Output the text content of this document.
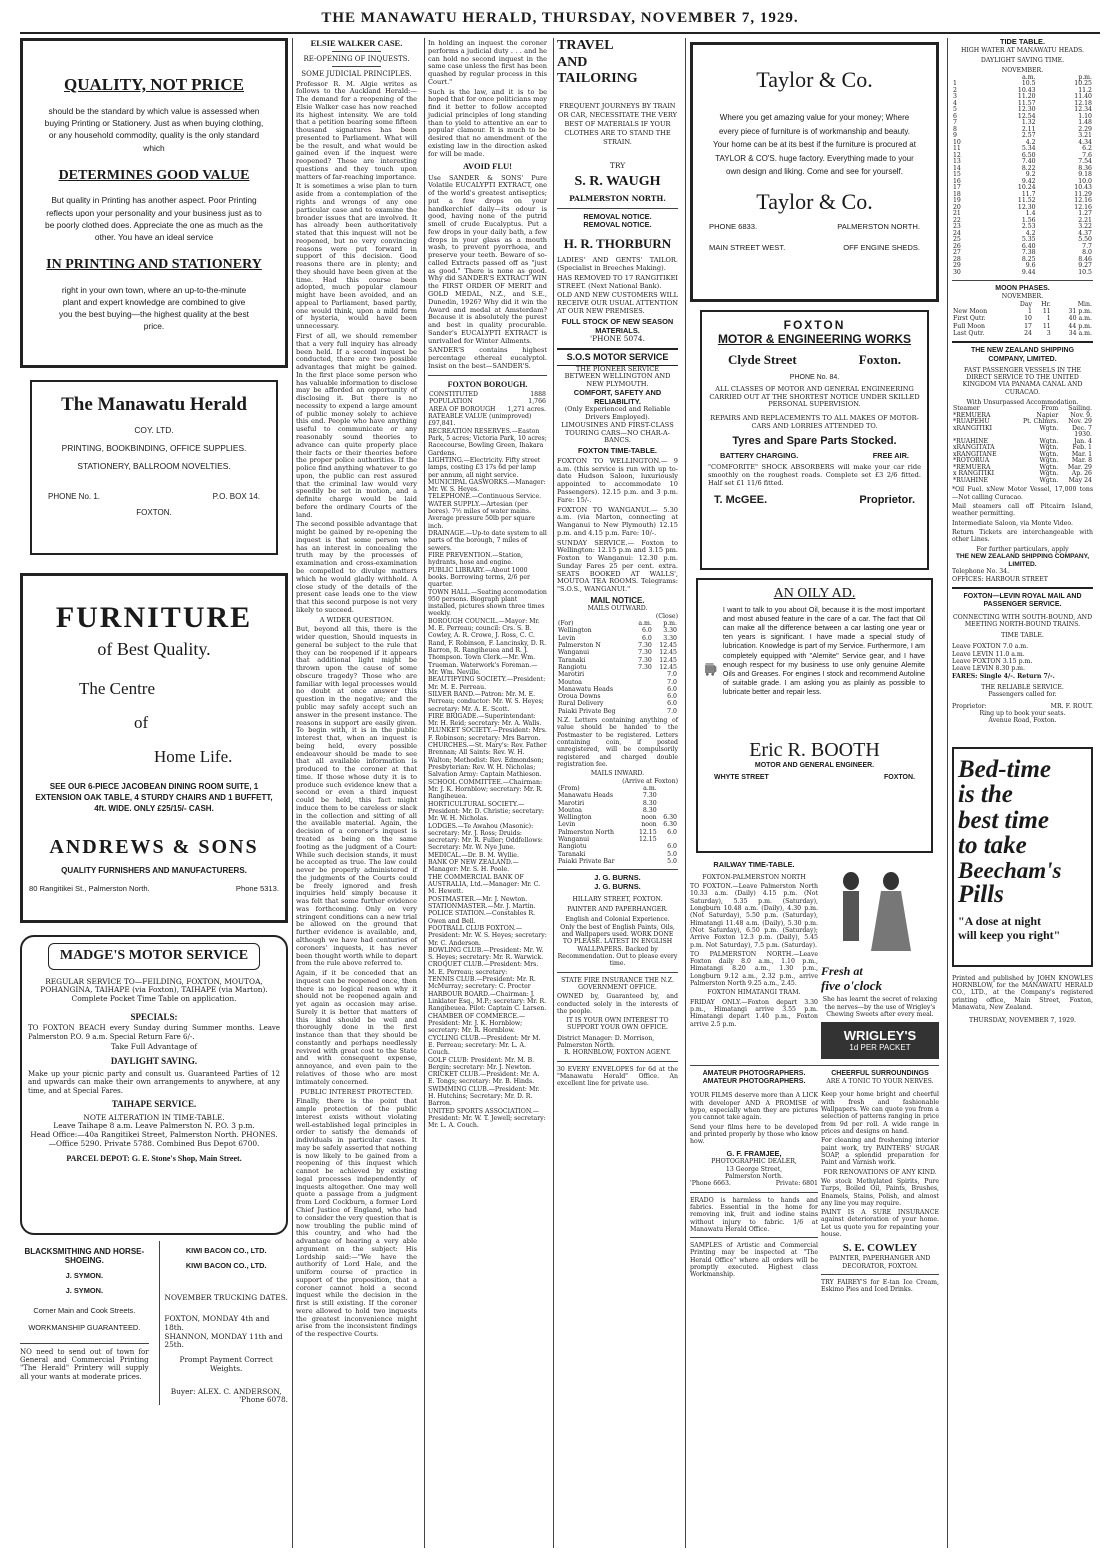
THE MANAWATU HERALD, THURSDAY, NOVEMBER 7, 1929.
QUALITY, NOT PRICE
should be the standard by which value is assessed when buying Printing or Stationery. Just as when buying clothing, or any household commodity, quality is the only standard which
DETERMINES GOOD VALUE
But quality in Printing has another aspect. Poor Printing reflects upon your personality and your business just as to be poorly clothed does. Appreciate the one as much as the other. You have an ideal service
IN PRINTING AND STATIONERY
right in your own town, where an up-to-the-minute plant and expert knowledge are combined to give you the best buying—the highest quality at the best price.
The Manawatu Herald
COY. LTD.
PRINTING, BOOKBINDING, OFFICE SUPPLIES.
STATIONERY, BALLROOM NOVELTIES.
PHONE No. 1.	P.O. BOX 14.
FOXTON.
FURNITURE
of Best Quality.
The Centre
of
Home Life.
SEE OUR 6-PIECE JACOBEAN DINING ROOM SUITE, 1 EXTENSION OAK TABLE, 4 STURDY CHAIRS AND 1 BUFFETT, 4ft. WIDE. ONLY £25/15/- CASH.
ANDREWS & SONS
QUALITY FURNISHERS AND MANUFACTURERS.
80 Rangitikei St., Palmerston North.	Phone 5313.
MADGE'S MOTOR SERVICE
REGULAR SERVICE TO—FEILDING, FOXTON, MOUTOA, POHANGINA, TAIHAPE (via Foxton), TAIHAPE (via Marton).
Complete Pocket Time Table on application.
SPECIALS:
TO FOXTON BEACH every Sunday during Summer months. Leave Palmerston P.O. 9 a.m. Special Return Fare 6/-.
Take Full Advantage of
DAYLIGHT SAVING.
Make up your picnic party and consult us. Guaranteed Parties of 12 and upwards can make their own arrangements to anywhere, at any time, and at Special Fares.
TAIHAPE SERVICE.
NOTE ALTERATION IN TIME-TABLE.
Leave Taihape 8 a.m. Leave Palmerston N. P.O. 3 p.m.
Head Office:—40a Rangitikei Street, Palmerston North. PHONES.—Office 5290. Private 5788. Combined Bus Depot 6700.
PARCEL DEPOT: G. E. Stone's Shop, Main Street.
BLACKSMITHING AND HORSE-SHOEING.
J. SYMON.
J. SYMON.
Corner Main and Cook Streets.
WORKMANSHIP GUARANTEED.
NO need to send out of town for General and Commercial Printing "The Herald" Printery will supply all your wants at moderate prices.
KIWI BACON CO., LTD.
KIWI BACON CO., LTD.
NOVEMBER TRUCKING DATES.
FOXTON, MONDAY 4th and 18th.
SHANNON, MONDAY 11th and 25th.
Prompt Payment Correct Weights.
Buyer: ALEX. C. ANDERSON,
'Phone 6078.
ELSIE WALKER CASE.
RE-OPENING OF INQUESTS.
SOME JUDICIAL PRINCIPLES.
Professor R. M. Algie writes as follows to the Auckland Herald:— The demand for a reopening of the Elsie Walker case has now reached its highest intensity. We are told that a petition bearing some fifteen thousand signatures has been presented to Parliament. What will be the result, and what would be gained even if the inquest were reopened? These are interesting questions and they touch upon matters of far-reaching importance.
It is sometimes a wise plan to turn aside from a contemplation of the rights and wrongs of any one particular case and to examine the broader issues that are involved. It has already been authoritatively stated that this inquest will not be reopened, but no very convincing reasons were put forward in support of this decision. Good reasons there are in plenty; and they should have been given at the time. Had this course been adopted, much popular clamour might have been avoided, and an appeal to Parliament, based partly, one would think, upon a mild form of hysteria, would have been unnecessary.
First of all, we should remember that a very full inquiry has already been held. If a second inquest be conducted, there are two possible advantages that might be gained. In the first place some person who has valuable information to disclose may be afforded an opportunity of disclosing it. But there is no necessity to expend a large amount of public money solely to achieve this end. People who have anything useful to communicate or any reasonably sound theories to advance can quite properly place their facts or their theories before the proper police authorities. If the police find anything whatever to go upon, the public can rest assured that the criminal law would very speedily be set in motion, and a definite charge would be laid before the ordinary Courts of the land.
The second possible advantage that might be gained by re-opening the inquest is that some person who has an interest in concealing the truth may by the processes of examination and cross-examination be compelled to divulge matters which he would gladly withhold. A close study of the details of the present case leads one to the view that this second purpose is not very likely to succeed.
A WIDER QUESTION.
But, beyond all this, there is the wider question, Should inquests in general be subject to the rule that they can be reopened if it appears that additional light might be thrown upon the cause of some obscure tragedy? Those who are familiar with legal processes would no doubt at once answer this question in the negative; and the public may safely accept such an answer in the present instance. The reasons in support are easily given. To begin with, it is in the public interest that, when an inquest is being held, every possible endeavour should be made to see that all available information is produced to the coroner at that time. If those whose duty it is to produce such evidence knew that a second or even a third inquest could be held, this fact might induce them to be careless or slack in the collection and sitting of all the available material. Again, the decision of a coroner's inquest is treated as being on the same footing as the judgment of a Court: While such decision stands, it must be accepted as true. The law could never be properly administered if the judgments of the Courts could be freely ignored and fresh inquiries held simply because it was felt that some further evidence was forthcoming. Only on very stringent conditions can a new trial be allowed on the ground that further evidence is available, and, although we have had centuries of coroners' inquests, it has never been thought worth while to depart from the rule above referred to.
Again, if it be conceded that an inquest can be reopened once, then there is no logical reason why it should not be reopened again and yet again as occasion may arise. Surely it is better that matters of this kind should be well and thoroughly done in the first instance than that they should be constantly and perhaps needlessly revived with great cost to the State and with consequent expense, annoyance, and even pain to the relatives of those who are most intimately concerned.
PUBLIC INTEREST PROTECTED.
Finally, there is the point that ample protection of the public interest exists without violating well-established legal principles in order to satisfy the demands of individuals in particular cases. It may be safely asserted that nothing is now likely to be gained from a reopening of this inquest which cannot be achieved by existing legal processes independently of inquests altogether. One may well quote a passage from a judgment from Lord Cockburn, a former Lord Chief Justice of England, who had to consider the very question that is now troubling the public mind of this country, and who had the advantage of hearing a very able argument on the subject: His Lordship said:—"We have the authority of Lord Hale, and the uniform course of practice in support of the proposition, that a coroner cannot hold a second inquest while the decision in the first is still existing. If the coroner were allowed to hold two inquests the greatest inconvenience might arise from the inconsistent findings of the respective Courts.
In holding an inquest the coroner performs a judicial duty . . . and he can hold no second inquest in the same case unless the first has been quashed by regular process in this Court."
Such is the law, and it is to be hoped that for once politicians may find it better to follow accepted judicial principles of long standing than to yield to attentive an ear to popular clamour. It is much to be desired that no amendment of the existing law in the direction asked for will be made.
AVOID FLU!
Use SANDER & SONS' Pure Volatile EUCALYPTI EXTRACT, one of the world's greatest antiseptics; put a few drops on your handkerchief daily—its odour is good, having none of the putrid smell of crude Eucalyptus. Put a few drops in your daily bath, a few drops in your glass as a mouth wash, to prevent pyorrhoea, and preserve your teeth. Beware of so-called Extracts passed off as "just as good." There is none as good. Why did SANDER'S EXTRACT WIN the FIRST ORDER OF MERIT and GOLD MEDAL, N.Z., and S.E., Dunedin, 1926? Why did it win the Award and medal at Amsterdam? Because it is absolutely the purest and best in quality procurable. Sander's EUCALYPTI EXTRACT is unrivalled for Winter Ailments.
SANDER'S contains highest percentage ethereal eucalyptol. Insist on the best—SANDER'S.
FOXTON BOROUGH.
CONSTITUTED	1888
POPULATION	1,766
AREA OF BOROUGH	1,271 acres.
RATEABLE VALUE (unimproved) £97,841.
RECREATION RESERVES.—Easton Park, 5 acres; Victoria Park, 10 acres; Racecourse, Bowling Green, Ihakara Gardens.
LIGHTING.—Electricity. Fifty street lamps, costing £3 17s 6d per lamp per annum, all night service.
MUNICIPAL GASWORKS.—Manager: Mr. W. S. Heyes.
TELEPHONE.—Continuous Service.
WATER SUPPLY.—Artesian (per bores). 7½ miles of water mains. Average pressure 50lb per square inch.
DRAINAGE.—Up-to date system to all parts of the borough, 7 miles of sewers.
FIRE PREVENTION.—Station, hydrants, hose and engine.
PUBLIC LIBRARY.—About 1000 books. Borrowing terms, 2/6 per quarter.
TOWN HALL.—Seating accomodation 950 persons. Biograph plant installed, pictures shown three times weekly.
BOROUGH COUNCIL.—Mayor: Mr. M. E. Perreau; council: Crs. S. B. Cowley, A. R. Crowe, J. Ross, C. C. Rand, F. Robinson, F. Lancinsky, D. R. Barron, R. Rangiheuea and R. J. Thompson. Town Clerk.—Mr. Wm. Trueman. Waterwork's Foreman.—Mr. Wm. Neville.
BEAUTIFYING SOCIETY.—President: Mr. M. E. Perreau.
SILVER BAND.—Patron: Mr. M. E. Perreau; conductor: Mr. W. S. Heyes; secretary: Mr. A. E. Scott.
FIRE BRIGADE.—Superintendant: Mr. H. Reid; secretary: Mr. A. Walls.
PLUNKET SOCIETY.—President: Mrs. F. Robinson; secretary: Mrs Barron.
CHURCHES.—St. Mary's: Rev. Father Brennan; All Saints: Rev. W. H. Walton; Methodist: Rev. Edmondson; Presbyterian: Rev. W. H. Nicholas; Salvation Army: Captain Mathieson.
SCHOOL COMMITTEE.—Chairman: Mr. J. K. Hornblow; secretary: Mr. R. Rangiheuea.
HORTICULTURAL SOCIETY.—President: Mr. D. Christie; secretary: Mr. W. H. Nicholas.
LODGES.—Te Awahou (Masonic): secretary: Mr. J. Ross; Druids: secretary: Mr. R. Fuller; Oddfellows: Secretary: Mr. W. Nye June.
MEDICAL.—Dr. B. M. Wyllie.
BANK OF NEW ZEALAND.—Manager: Mr. S. H. Poole.
THE COMMERCIAL BANK OF AUSTRALIA, Ltd.—Manager: Mr. C. M. Hewett.
POSTMASTER.—Mr. J. Newton.
STATIONMASTER.—Mr. J. Martin.
POLICE STATION.—Constables R. Owen and Bell.
FOOTBALL CLUB FOXTON.—President: Mr. W. S. Heyes; secretary: Mr. C. Anderson.
BOWLING CLUB.—President: Mr. W. S. Heyes; secretary: Mr. R. Warwick.
CROQUET CLUB.—President: Mrs. M. E. Perreau; secretary:
TENNIS CLUB.—President: Mr. R. McMurray; secretary: C. Procter
HARBOUR BOARD.—Chairman: J. Linklater Esq., M.P.; secretary: Mr. R. Rangiheuea. Pilot: Captain C. Larsen.
CHAMBER OF COMMERCE.—President: Mr. J. K. Hornblow; secretary: Mr. R. Hornblow.
CYCLING CLUB.—President: Mr M. E. Perreau; secretary: Mr. L. A. Couch.
GOLF CLUB: President: Mr. M. B. Bergin; secretary: Mr. J. Newton.
CRICKET CLUB.—President: Mr. A. E. Tongs; secretary: Mr. B. Hinds.
SWIMMING CLUB.—President: Mr. H. Hutchins; Secretary: Mr. D. R. Barron.
UNITED SPORTS ASSOCIATION.—President: Mr. W. T. Jewell; secretary: Mr. L. A. Couch.
TRAVEL
AND
TAILORING
FREQUENT JOURNEYS BY TRAIN OR CAR, NECESSITATE THE VERY BEST OF MATERIALS IF YOUR CLOTHES ARE TO STAND THE STRAIN.
TRY
S. R. WAUGH
PALMERSTON NORTH.
REMOVAL NOTICE.
REMOVAL NOTICE.
H. R. THORBURN
LADIES' AND GENTS' TAILOR. (Specialist in Breeches Making).
HAS REMOVED TO 17 RANGITIKEI STREET. (Next National Bank).
OLD AND NEW CUSTOMERS WILL RECEIVE OUR USUAL ATTENTION AT OUR NEW PREMISES.
FULL STOCK OF NEW SEASON MATERIALS.
'PHONE 5074.
S.O.S MOTOR SERVICE
THE PIONEER SERVICE BETWEEN WELLINGTON AND NEW PLYMOUTH.
COMFORT, SAFETY AND RELIABILITY.
(Only Experienced and Reliable Drivers Employed).
LIMOUSINES AND FIRST-CLASS TOURING CARS—NO CHAR-A-BANCS.
FOXTON TIME-TABLE.
FOXTON TO WELLINGTON.— 9 a.m. (this service is run with up to-date Hudson Saloon, luxuriously appointed to accommodate 10 Passengers). 12.15 p.m. and 3 p.m. Fare: 15/-.
FOXTON TO WANGANUI.— 5.30 a.m. (via Marton, connecting at Wanganui to New Plymouth) 12.15 p.m. and 4.15 p.m. Fare: 10/-.
SUNDAY SERVICE.— Foxton to Wellington: 12.15 p.m and 3.15 pm. Foxton to Wanganui: 12.30 p.m. Sunday Fares 25 per cent. extra. SEATS BOOKED AT WALLS', MOUTOA TEA ROOMS. Telegrams: "S.O.S., WANGANUI."
MAIL NOTICE.
MAILS OUTWARD.
(Close)
(For)	a.m.	p.m.
Wellington	6.0	3.30
Levin	6.0	3.30
Palmerston N	7.30	12.45
Wanganui	7.30	12.45
Taranaki	7.30	12.45
Rangiotu	7.30	12.45
Marotiri		7.0
Moutoa		7.0
Manawatu Heads		6.0
Oroua Downs		6.0
Rural Delivery		6.0
Paiaki Private Beg		7.0
N.Z. Letters containing anything of value should be handed to the Postmaster to be registered. Letters containing coin, if posted unregistered, will be compulsorily registered and charged double registration fee.
MAILS INWARD.
(Arrive at Foxton)
(From)	a.m.	
Manawatu Heads	7.30	
Marotiri	8.30	
Moutoa	8.30	
Wellington	noon	6.30
Levin	noon	6.30
Palmerston North	12.15	6.0
Wanganui	12.15	
Rangiotu		6.0
Taranaki		5.0
Paiaki Private Bar		5.0
J. G. BURNS.
J. G. BURNS.
HILLARY STREET, FOXTON.
PAINTER AND PAPERHANGER.
English and Colonial Experience.
Only the best of English Paints, Oils, and Wallpapers used. WORK DONE TO PLEASE. LATEST IN ENGLISH WALLPAPERS. Backed by Recommendation. Out to please every time.
STATE FIRE INSURANCE THE N.Z. GOVERNMENT OFFICE.
OWNED by, Guaranteed by, and conducted solely in the interests of the people.
IT IS YOUR OWN INTEREST TO SUPPORT YOUR OWN OFFICE.
District Manager: D. Morrison, Palmerston North.
R. HORNBLOW, FOXTON AGENT.
30 EVERY ENVELOPES for 6d at the "Manawatu Herald" Office. An excellent line for private use.
Taylor & Co.
Where you get amazing value for your money; Where every piece of furniture is of workmanship and beauty. Your home can be at its best if the furniture is procured at TAYLOR & CO'S. huge factory. Everything made to your own design and liking. Come and see for yourself.
Taylor & Co.
PHONE 6833.	PALMERSTON NORTH.
MAIN STREET WEST.	OFF ENGINE SHEDS.
FOXTON
MOTOR & ENGINEERING WORKS
Clyde Street	Foxton.
PHONE No. 84.
ALL CLASSES OF MOTOR AND GENERAL ENGINEERING CARRIED OUT AT THE SHORTEST NOTICE UNDER SKILLED PERSONAL SUPERVISION.
REPAIRS AND REPLACEMENTS TO ALL MAKES OF MOTOR-CARS AND LORRIES ATTENDED TO.
Tyres and Spare Parts Stocked.
BATTERY CHARGING.	FREE AIR.
"COMFORITE" SHOCK ABSORBERS will make your car ride smoothly on the roughest roads. Complete set £3 2/6 fitted. Half set £1 11/6 fitted.
T. McGEE.	Proprietor.
AN OILY AD.
I want to talk to you about Oil, because it is the most important and most abused feature in the care of a car. The fact that Oil can make all the difference between a car lasting one year or ten years is significant. I have made a special study of lubrication. Knowledge is part of my Service. Furthermore, I am completely equipped with "Alemite" Service gear, and I have enough respect for my business to use only genuine Alemite Oils and Greases. For engines I stock and recommend Autoline of suitable grade. I am asking you as plainly as possible to lubricate better and repair less.
Eric R. BOOTH
MOTOR AND GENERAL ENGINEER.
WHYTE STREET	FOXTON.
RAILWAY TIME-TABLE.
FOXTON-PALMERSTON NORTH
TO FOXTON.—Leave Palmerston North 10.33 a.m. (Daily) 4.15 p.m. (Not Saturday), 5.35 p.m. (Saturday), Longburn 10.48 a.m. (Daily), 4.30 p.m. (Not Saturday), 5.50 p.m. (Saturday), Himatangi 11.48 a.m. (Daily), 5.30 p.m. (Not Saturday), 6.50 p.m. (Saturday); Arrive Foxton 12.3 p.m. (Daily), 5.45 p.m. Not Saturday), 7.5 p.m. (Saturday).
TO PALMERSTON NORTH.—Leave Foxton daily 8.0 a.m., 1.10 p.m., Himatangi 8.20 a.m., 1.30 p.m., Longburn 9.12 a.m., 2.32 p.m., arrive Palmerston North 9.25 a.m., 2.45.
FOXTON HIMATANGI TRAM.
FRIDAY ONLY.—Foxton depart 3.30 p.m., Himatangi arrive 3.55 p.m. Himatangi depart 1.40 p.m., Foxton arrive 2.5 p.m.
Fresh at
five o'clock
She has learnt the secret of relaxing the nerves—by the use of Wrigley's Chewing Sweets after every meal.
WRIGLEY'S
1d PER PACKET
AMATEUR PHOTOGRAPHERS.
AMATEUR PHOTOGRAPHERS.
YOUR FILMS deserve more than A LICK with developer AND A PROMISE of hypo, especially when they are pictures you cannot take again.
Send your films here to be developed and printed properly by those who know how.
G. F. FRAMJEE,
PHOTOGRAPHIC DEALER,
13 George Street,
Palmerston North.
'Phone 6663.	Private: 6801
ERADO is harmless to hands and fabrics. Essential in the home for removing ink, fruit and iodine stains without injury to fabric. 1/6 at Manawatu Herald Office.
SAMPLES of Artistic and Commercial Printing may be inspected at "The Herald Office" where all orders will be promptly executed. Highest class Workmanship.
CHEERFUL SURROUNDINGS
ARE A TONIC TO YOUR NERVES.
Keep your home bright and cheerful with fresh and fashionable Wallpapers. We can quote you from a selection of patterns ranging in price from 9d per roll. A wide range in prices and designs on hand.
For cleaning and freshening interior paint work, try PAINTERS' SUGAR SOAP, a splendid preparation for Paint and Varnish work.
FOR RENOVATIONS OF ANY KIND.
We stock Methylated Spirits, Pure Turps, Boiled Oil, Paints, Brushes, Enamels, Stains, Polish, and almost any line you may require.
PAINT IS A SURE INSURANCE against deterioration of your home. Let us quote you for repainting your house.
S. E. COWLEY
PAINTER, PAPERHANGER AND DECORATOR, FOXTON.
TRY FAIREY'S for E-tan Ice Cream, Eskimo Pies and Iced Drinks.
TIDE TABLE.
HIGH WATER AT MANAWATU HEADS.
DAYLIGHT SAVING TIME.
NOVEMBER.
	a.m.	p.m.
1	10.5	10.25
2	10.43	11.2
3	11.20	11.40
4	11.57	12.18
5	12.30	12.34
6	12.54	1.10
7	1.32	1.48
8	2.11	2.29
9	2.57	3.21
10	4.2	4.34
11	5.34	6.2
12	6.50	7.6
13	7.40	7.54
14	8.22	8.36
15	9.2	9.18
16	9.42	10.0
17	10.24	10.43
18	11.7	11.29
19	11.52	12.16
20	12.30	12.16
21	1.4	1.27
22	1.56	2.21
23	2.53	3.22
24	4.2	4.37
25	5.35	5.50
26	6.40	7.7
27	7.38	8.0
28	8.25	8.46
29	9.6	9.27
30	9.44	10.5
MOON PHASES.
NOVEMBER.
	Day	Hr.	Min.
New Moon	1	11	31 p.m.
First Qutr.	10	1	40 a.m.
Full Moon	17	11	44 p.m.
Last Qutr.	24	3	34 a.m.
THE NEW ZEALAND SHIPPING COMPANY, LIMITED.
FAST PASSENGER VESSELS IN THE DIRECT SERVICE TO THE UNITED KINGDOM VIA PANAMA CANAL AND CURACAO.
With Unsurpassed Accommodation.
Steamer	From	Sailing.
*REMUERA	Napier	Nov. 9.
*RUAPEHU	Pt. Chlmrs.	Nov. 29
xRANGITIKI	Wgtn.	Dec. 7
		1930.
*RUAHINE	Wgtn.	Jan. 4
xRANGITATA	Wgtn.	Feb. 1
xRANGITANE	Wgtn.	Mar. 1
*ROTORUA	Wgtn.	Mar. 8
*REMUERA	Wgtn.	Mar. 29
x RANGITIKI	Wgtn.	Ap. 26
*RUAHINE	Wgtn.	May 24
*Oil Fuel. xNew Motor Vessel, 17,000 tons —Not calling Curacao.
Mail steamers call off Pitcairn Island, weather permitting.
Intermediate Saloon, via Monte Video.
Return Tickets are interchangeable with other Lines.
For further particulars, apply
THE NEW ZEALAND SHIPPING COMPANY, LIMITED.
Telephone No. 34.
OFFICES: HARBOUR STREET
FOXTON—LEVIN ROYAL MAIL AND PASSENGER SERVICE.
CONNECTING WITH SOUTH-BOUND, AND MEETING NORTH-BOUND TRAINS.
TIME TABLE.
Leave FOXTON 7.0 a.m.
Leave LEVIN 11.0 a.m.
Leave FOXTON 3.15 p.m.
Leave LEVIN 8.30 p.m.
FARES: Single 4/-. Return 7/-.
THE RELIABLE SERVICE.
Passengers called for.
Proprietor:	MR. F. ROUT.
Ring up to book your seats.
Avenue Road, Foxton.
Bed-time
is the
best time
to take
Beecham's
Pills
"A dose at night
will keep you right"
Printed and published by JOHN KNOWLES HORNBLOW, for the MANAWATU HERALD CO., LTD., at the Company's registered printing office, Main Street, Foxton, Manawatu, New Zealand.
THURSDAY, NOVEMBER 7, 1929.
